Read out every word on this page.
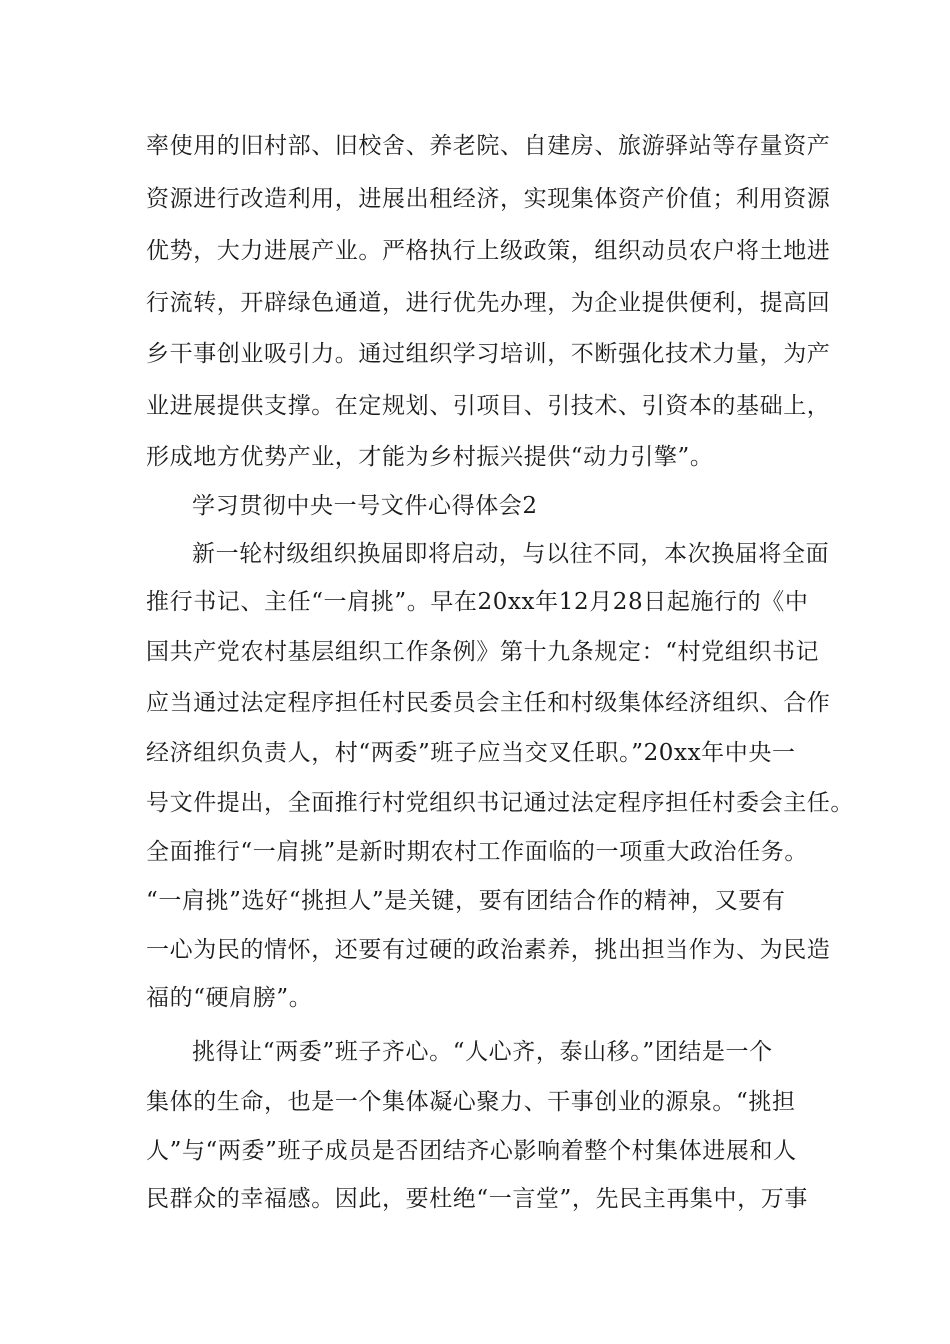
率使用的旧村部、旧校舍、养老院、自建房、旅游驿站等存量资产
资源进行改造利用，进展出租经济，实现集体资产价值；利用资源
优势，大力进展产业。严格执行上级政策，组织动员农户将土地进
行流转，开辟绿色通道，进行优先办理，为企业提供便利，提高回
乡干事创业吸引力。通过组织学习培训，不断强化技术力量，为产
业进展提供支撑。在定规划、引项目、引技术、引资本的基础上，
形成地方优势产业，才能为乡村振兴提供“动力引擎”。
学习贯彻中央一号文件心得体会2
新一轮村级组织换届即将启动，与以往不同，本次换届将全面
推行书记、主任“一肩挑”。早在20xx年12月28日起施行的《中
国共产党农村基层组织工作条例》第十九条规定：“村党组织书记
应当通过法定程序担任村民委员会主任和村级集体经济组织、合作
经济组织负责人，村“两委”班子应当交叉任职。”20xx年中央一
号文件提出，全面推行村党组织书记通过法定程序担任村委会主任。
全面推行“一肩挑”是新时期农村工作面临的一项重大政治任务。
“一肩挑”选好“挑担人”是关键，要有团结合作的精神，又要有
一心为民的情怀，还要有过硬的政治素养，挑出担当作为、为民造
福的“硬肩膀”。
挑得让“两委”班子齐心。“人心齐，泰山移。”团结是一个
集体的生命，也是一个集体凝心聚力、干事创业的源泉。“挑担
人”与“两委”班子成员是否团结齐心影响着整个村集体进展和人
民群众的幸福感。因此，要杜绝“一言堂”，先民主再集中，万事
